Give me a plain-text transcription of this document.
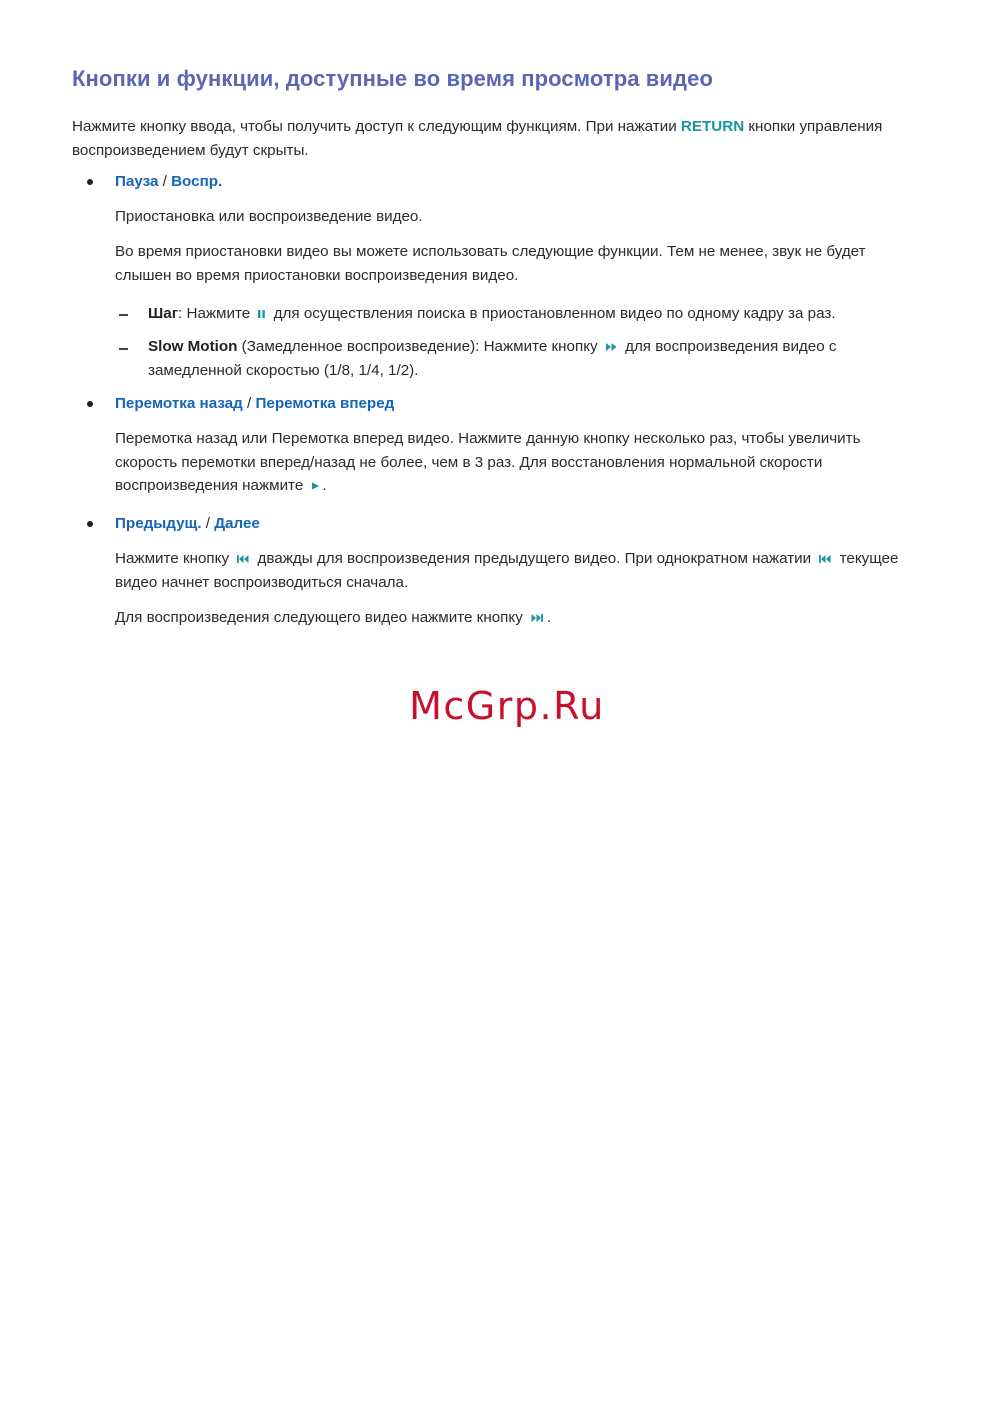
Кнопки и функции, доступные во время просмотра видео

Нажмите кнопку ввода, чтобы получить доступ к следующим функциям. При нажатии RETURN кнопки управления воспроизведением будут скрыты.

Пауза / Воспр.

Приостановка или воспроизведение видео.

Во время приостановки видео вы можете использовать следующие функции. Тем не менее, звук не будет слышен во время приостановки воспроизведения видео.

Шаг: Нажмите
для осуществления поиска в приостановленном видео по одному кадру за раз.

Slow Motion (Замедленное воспроизведение): Нажмите кнопку
для воспроизведения видео с замедленной скоростью (1/8, 1/4, 1/2).

Перемотка назад / Перемотка вперед

Перемотка назад или Перемотка вперед видео. Нажмите данную кнопку несколько раз, чтобы увеличить скорость перемотки вперед/назад не более, чем в 3 раз. Для восстановления нормальной скорости воспроизведения нажмите
.

Предыдущ. / Далее

Нажмите кнопку
дважды для воспроизведения предыдущего видео. При однократном нажатии
текущее видео начнет воспроизводиться сначала.

Для воспроизведения следующего видео нажмите кнопку
.

McGrp.Ru
